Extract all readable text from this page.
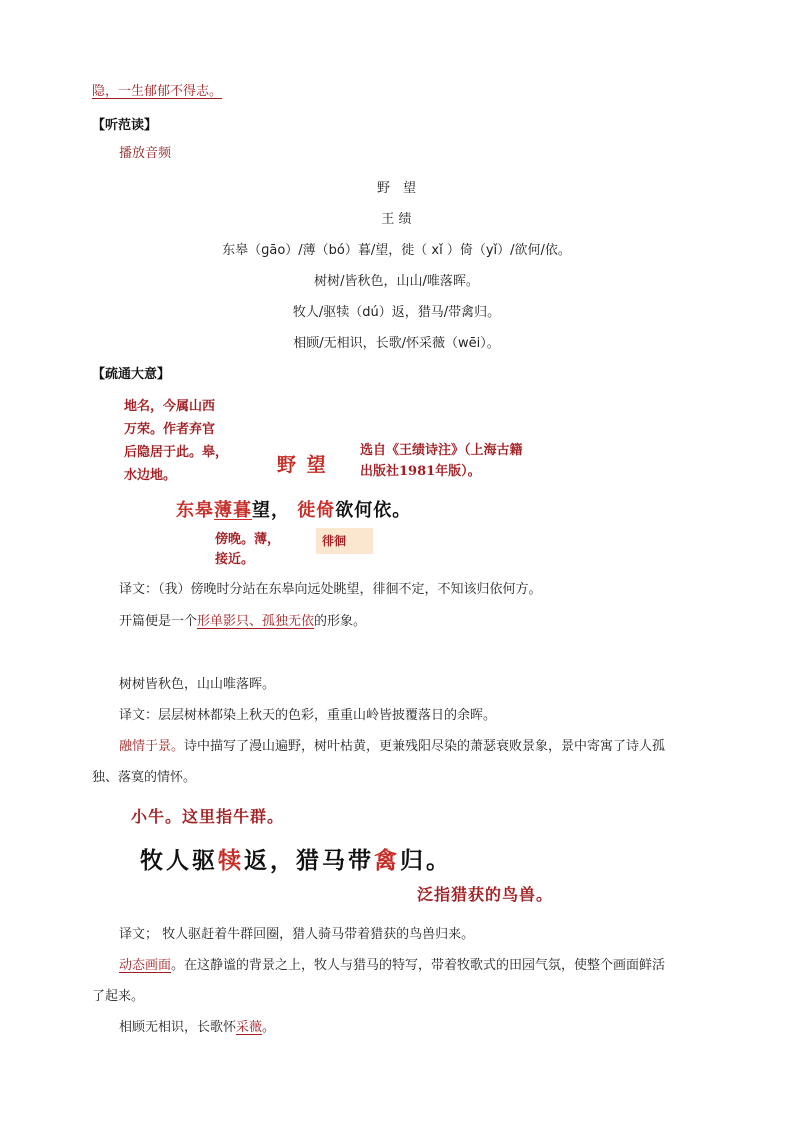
隐，一生郁郁不得志。
【听范读】
播放音频
野　望
王 绩
东皋（ɡāo）/薄（bó）暮/望，徙（ xǐ ）倚（yǐ）/欲何/依。
树树/皆秋色，山山/唯落晖。
牧人/驱犊（dú）返，猎马/带禽归。
相顾/无相识，长歌/怀采薇（wēi）。
【疏通大意】
地名，今属山西
万荣。作者弃官
后隐居于此。皋，
水边地。	野 望
选自《王绩诗注》（上海古籍
出版社1981年版）。
东皋薄暮望， 徙倚欲何依。
傍晚。薄，
接近。
徘徊
译文：（我）傍晚时分站在东皋向远处眺望，徘徊不定，不知该归依何方。
开篇便是一个形单影只、孤独无依的形象。
树树皆秋色，山山唯落晖。
译文：层层树林都染上秋天的色彩，重重山岭皆披覆落日的余晖。
融情于景。诗中描写了漫山遍野，树叶枯黄，更兼残阳尽染的萧瑟衰败景象，景中寄寓了诗人孤
独、落寞的情怀。
小牛。这里指牛群。
牧人驱犊返，猎马带禽归。
泛指猎获的鸟兽。
译文； 牧人驱赶着牛群回圈，猎人骑马带着猎获的鸟兽归来。
动态画面。在这静谧的背景之上，牧人与猎马的特写，带着牧歌式的田园气氛，使整个画面鲜活
了起来。
相顾无相识，长歌怀采薇。
